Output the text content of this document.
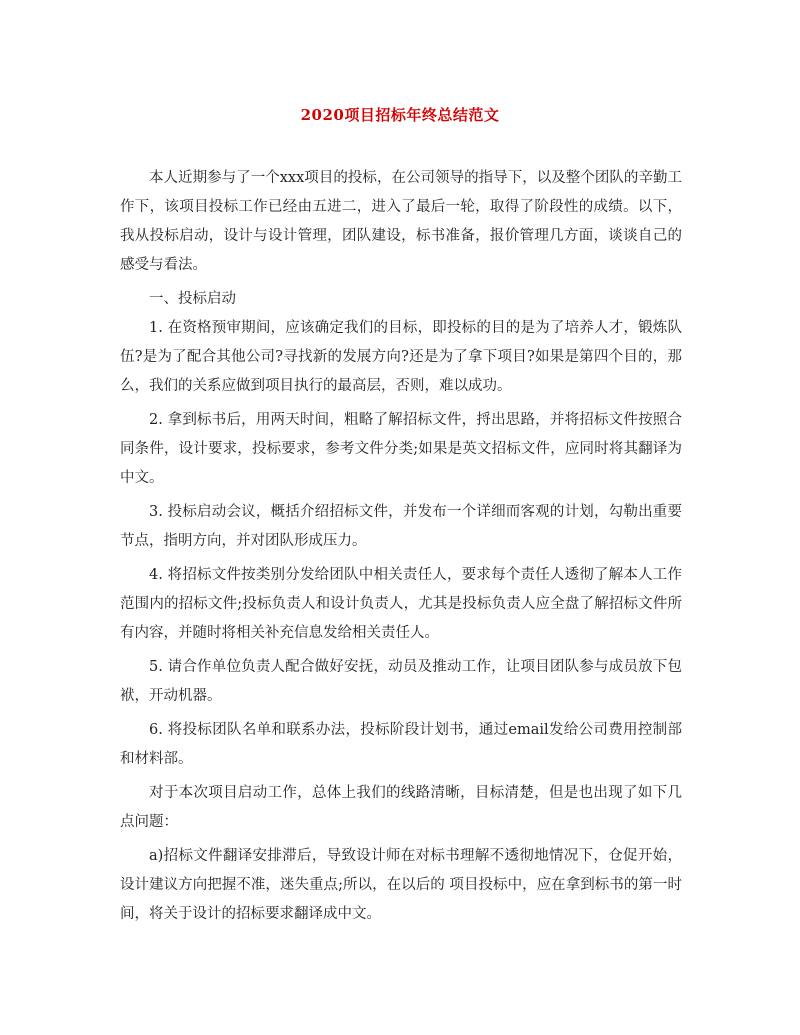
2020项目招标年终总结范文

本人近期参与了一个xxx项目的投标，在公司领导的指导下，以及整个团队的辛勤工作下，该项目投标工作已经由五进二，进入了最后一轮，取得了阶段性的成绩。以下，我从投标启动，设计与设计管理，团队建设，标书准备，报价管理几方面，谈谈自己的感受与看法。

一、投标启动

1. 在资格预审期间，应该确定我们的目标，即投标的目的是为了培养人才，锻炼队伍?是为了配合其他公司?寻找新的发展方向?还是为了拿下项目?如果是第四个目的，那么，我们的关系应做到项目执行的最高层，否则，难以成功。

2. 拿到标书后，用两天时间，粗略了解招标文件，捋出思路，并将招标文件按照合同条件，设计要求，投标要求，参考文件分类;如果是英文招标文件，应同时将其翻译为中文。

3. 投标启动会议，概括介绍招标文件，并发布一个详细而客观的计划，勾勒出重要节点，指明方向，并对团队形成压力。

4. 将招标文件按类别分发给团队中相关责任人，要求每个责任人透彻了解本人工作范围内的招标文件;投标负责人和设计负责人，尤其是投标负责人应全盘了解招标文件所有内容，并随时将相关补充信息发给相关责任人。

5. 请合作单位负责人配合做好安抚，动员及推动工作，让项目团队参与成员放下包袱，开动机器。

6. 将投标团队名单和联系办法，投标阶段计划书，通过email发给公司费用控制部和材料部。

对于本次项目启动工作，总体上我们的线路清晰，目标清楚，但是也出现了如下几点问题：

a)招标文件翻译安排滞后，导致设计师在对标书理解不透彻地情况下，仓促开始，设计建议方向把握不准，迷失重点;所以，在以后的 项目投标中，应在拿到标书的第一时间，将关于设计的招标要求翻译成中文。
